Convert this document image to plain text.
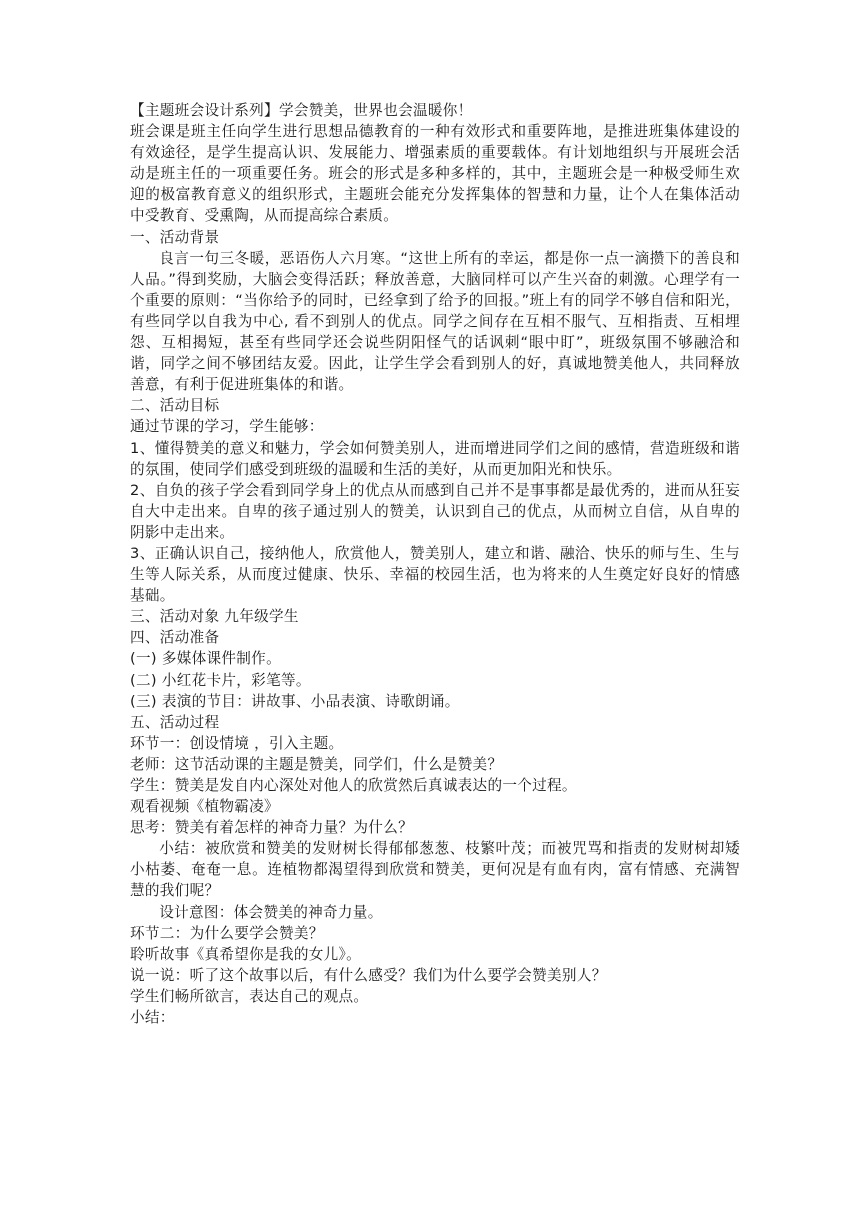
【主题班会设计系列】学会赞美，世界也会温暖你！

班会课是班主任向学生进行思想品德教育的一种有效形式和重要阵地，是推进班集体建设的有效途径，是学生提高认识、发展能力、增强素质的重要载体。有计划地组织与开展班会活动是班主任的一项重要任务。班会的形式是多种多样的，其中，主题班会是一种极受师生欢迎的极富教育意义的组织形式，主题班会能充分发挥集体的智慧和力量，让个人在集体活动中受教育、受熏陶，从而提高综合素质。

一、活动背景

良言一句三冬暖，恶语伤人六月寒。“这世上所有的幸运，都是你一点一滴攒下的善良和人品。”得到奖励，大脑会变得活跃；释放善意，大脑同样可以产生兴奋的刺激。心理学有一个重要的原则：“当你给予的同时，已经拿到了给予的回报。”班上有的同学不够自信和阳光，有些同学以自我为中心, 看不到别人的优点。同学之间存在互相不服气、互相指责、互相埋怨、互相揭短，甚至有些同学还会说些阴阳怪气的话讽刺“眼中盯”，班级氛围不够融洽和谐，同学之间不够团结友爱。因此，让学生学会看到别人的好，真诚地赞美他人，共同释放善意，有利于促进班集体的和谐。

二、活动目标

通过节课的学习，学生能够：

1、懂得赞美的意义和魅力，学会如何赞美别人，进而增进同学们之间的感情，营造班级和谐的氛围，使同学们感受到班级的温暖和生活的美好，从而更加阳光和快乐。

2、自负的孩子学会看到同学身上的优点从而感到自己并不是事事都是最优秀的，进而从狂妄自大中走出来。自卑的孩子通过别人的赞美，认识到自己的优点，从而树立自信，从自卑的阴影中走出来。

3、正确认识自己，接纳他人，欣赏他人，赞美别人，建立和谐、融洽、快乐的师与生、生与生等人际关系，从而度过健康、快乐、幸福的校园生活，也为将来的人生奠定好良好的情感基础。

三、活动对象 九年级学生

四、活动准备

(一) 多媒体课件制作。

(二) 小红花卡片，彩笔等。

(三) 表演的节目：讲故事、小品表演、诗歌朗诵。

五、活动过程

环节一：创设情境 ，引入主题。

老师：这节活动课的主题是赞美，同学们，什么是赞美？

学生：赞美是发自内心深处对他人的欣赏然后真诚表达的一个过程。

观看视频《植物霸凌》

思考：赞美有着怎样的神奇力量？为什么？

小结：被欣赏和赞美的发财树长得郁郁葱葱、枝繁叶茂；而被咒骂和指责的发财树却矮小枯萎、奄奄一息。连植物都渴望得到欣赏和赞美，更何况是有血有肉，富有情感、充满智慧的我们呢？

设计意图：体会赞美的神奇力量。

环节二：为什么要学会赞美？

聆听故事《真希望你是我的女儿》。

说一说：听了这个故事以后，有什么感受？我们为什么要学会赞美别人？

学生们畅所欲言，表达自己的观点。

小结：
